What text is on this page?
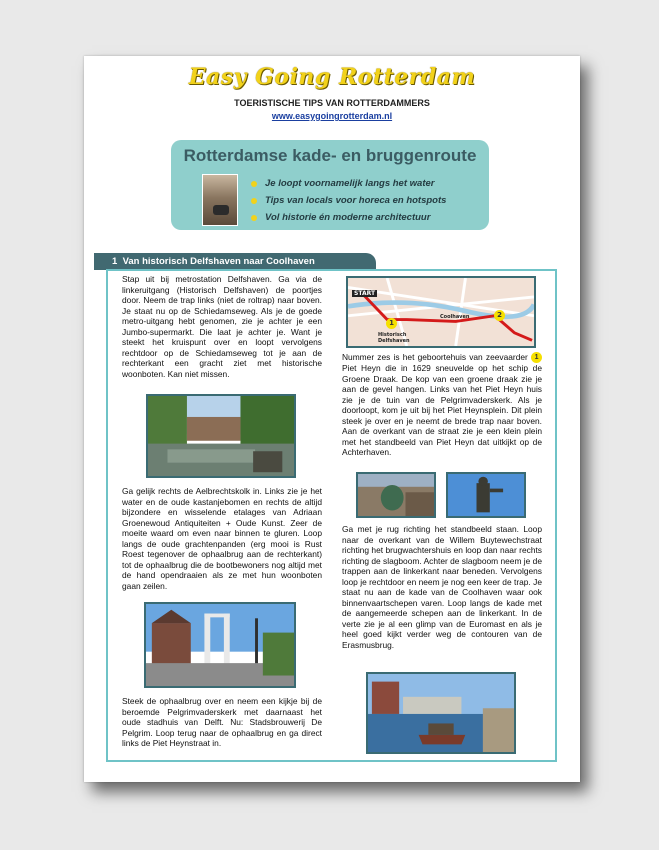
Easy Going Rotterdam
TOERISTISCHE TIPS VAN ROTTERDAMMERS
www.easygoingrotterdam.nl
Rotterdamse kade- en bruggenroute
Je loopt voornamelijk langs het water
Tips van locals voor horeca en hotspots
Vol historie én moderne architectuur
1 Van historisch Delfshaven naar Coolhaven

Stap uit bij metrostation Delfshaven. Ga via de linkeruitgang (Historisch Delfshaven) de poortjes door. Neem de trap links (niet de roltrap) naar boven. Je staat nu op de Schiedamseweg. Als je de goede metro-uitgang hebt genomen, zie je achter je een Jumbo-supermarkt. Die laat je achter je. Want je steekt het kruispunt over en loopt vervolgens rechtdoor op de Schiedamseweg tot je aan de rechterkant een gracht ziet met historische woonboten. Kan niet missen.

Ga gelijk rechts de Aelbrechtskolk in. Links zie je het water en de oude kastanjebomen en rechts de altijd bijzondere en wisselende etalages van Adriaan Groenewoud Antiquiteiten + Oude Kunst. Zeer de moeite waard om even naar binnen te gluren. Loop langs de oude grachtenpanden (erg mooi is Rust Roest tegenover de ophaalbrug aan de rechterkant) tot de ophaalbrug die de bootbewoners nog altijd met de hand opendraaien als ze met hun woonboten gaan zeilen.

Steek de ophaalbrug over en neem een kijkje bij de beroemde Pelgrimvaderskerk met daarnaast het oude stadhuis van Delft. Nu: Stadsbrouwerij De Pelgrim. Loop terug naar de ophaalbrug en ga direct links de Piet Heynstraat in.

START
1
2
Historisch Delfshaven
Coolhaven

Nummer zes is het geboortehuis van zeevaarder 1 Piet Heyn die in 1629 sneuvelde op het schip de Groene Draak. De kop van een groene draak zie je aan de gevel hangen. Links van het Piet Heyn huis zie je de tuin van de Pelgrimvaderskerk. Als je doorloopt, kom je uit bij het Piet Heynsplein. Dit plein steek je over en je neemt de brede trap naar boven. Aan de overkant van de straat zie je een klein plein met het standbeeld van Piet Heyn dat uitkijkt op de Achterhaven.

Ga met je rug richting het standbeeld staan. Loop naar de overkant van de Willem Buytewechstraat richting het brugwachtershuis en loop dan naar rechts richting de slagboom. Achter de slagboom neem je de trappen aan de linkerkant naar beneden. Vervolgens loop je rechtdoor en neem je nog een keer de trap. Je staat nu aan de kade van de Coolhaven waar ook binnenvaartschepen varen. Loop langs de kade met de aangemeerde schepen aan de linkerkant. In de verte zie je al een glimp van de Euromast en als je heel goed kijkt verder weg de contouren van de Erasmusbrug.
